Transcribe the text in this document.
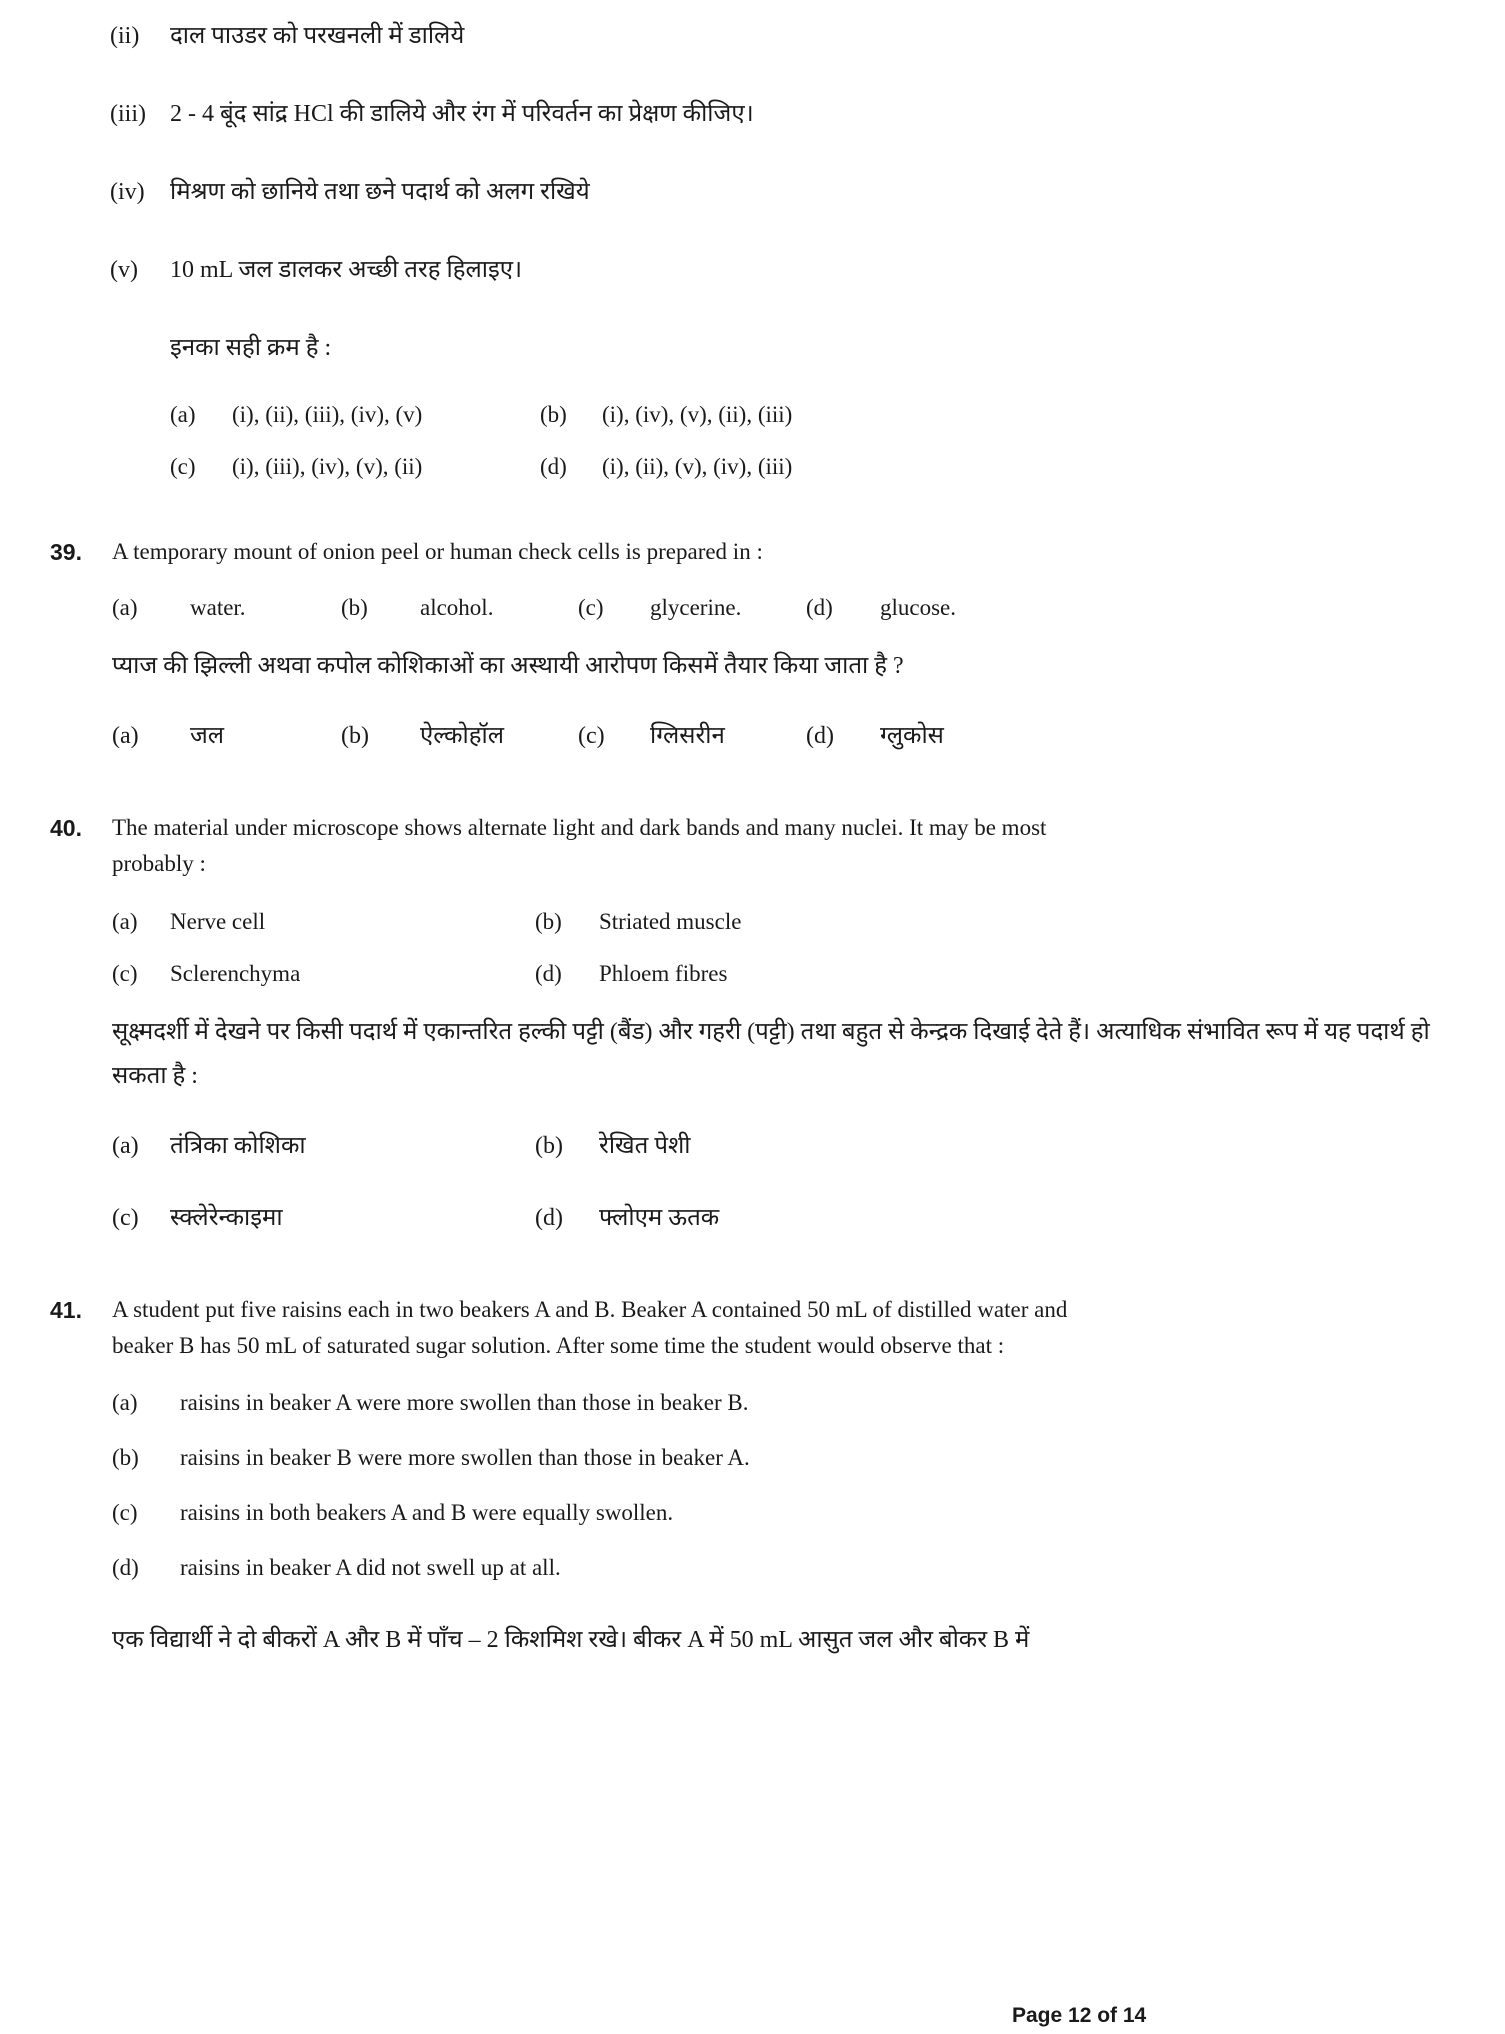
(ii)	दाल पाउडर को परखनली में डालिये
(iii)	2 - 4 बूंद सांद्र HCl की डालिये और रंग में परिवर्तन का प्रेक्षण कीजिए।
(iv)	मिश्रण को छानिये तथा छने पदार्थ को अलग रखिये
(v)	10 mL जल डालकर अच्छी तरह हिलाइए।
इनका सही क्रम है :
(a)	(i), (ii), (iii), (iv), (v)	(b)	(i), (iv), (v), (ii), (iii)
(c)	(i), (iii), (iv), (v), (ii)	(d)	(i), (ii), (v), (iv), (iii)
39.	A temporary mount of onion peel or human check cells is prepared in :
(a)	water.	(b)	alcohol.	(c)	glycerine.	(d)	glucose.
प्याज की झिल्ली अथवा कपोल कोशिकाओं का अस्थायी आरोपण किसमें तैयार किया जाता है ?
(a)	जल	(b)	ऐल्कोहॉल	(c)	ग्लिसरीन	(d)	ग्लुकोस
40.	The material under microscope shows alternate light and dark bands and many nuclei. It may be most probably :
(a)	Nerve cell	(b)	Striated muscle
(c)	Sclerenchyma	(d)	Phloem fibres
सूक्ष्मदर्शी में देखने पर किसी पदार्थ में एकान्तरित हल्की पट्टी (बैंड) और गहरी (पट्टी) तथा बहुत से केन्द्रक दिखाई देते हैं। अत्याधिक संभावित रूप में यह पदार्थ हो सकता है :
(a)	तंत्रिका कोशिका	(b)	रेखित पेशी
(c)	स्क्लेरेन्काइमा	(d)	फ्लोएम ऊतक
41.	A student put five raisins each in two beakers A and B. Beaker A contained 50 mL of distilled water and beaker B has 50 mL of saturated sugar solution. After some time the student would observe that :
(a)	raisins in beaker A were more swollen than those in beaker B.
(b)	raisins in beaker B were more swollen than those in beaker A.
(c)	raisins in both beakers A and B were equally swollen.
(d)	raisins in beaker A did not swell up at all.
एक विद्यार्थी ने दो बीकरों A और B में पाँच – 2 किशमिश रखे। बीकर A में 50 mL आसुत जल और बोकर B में
Page 12 of 14
